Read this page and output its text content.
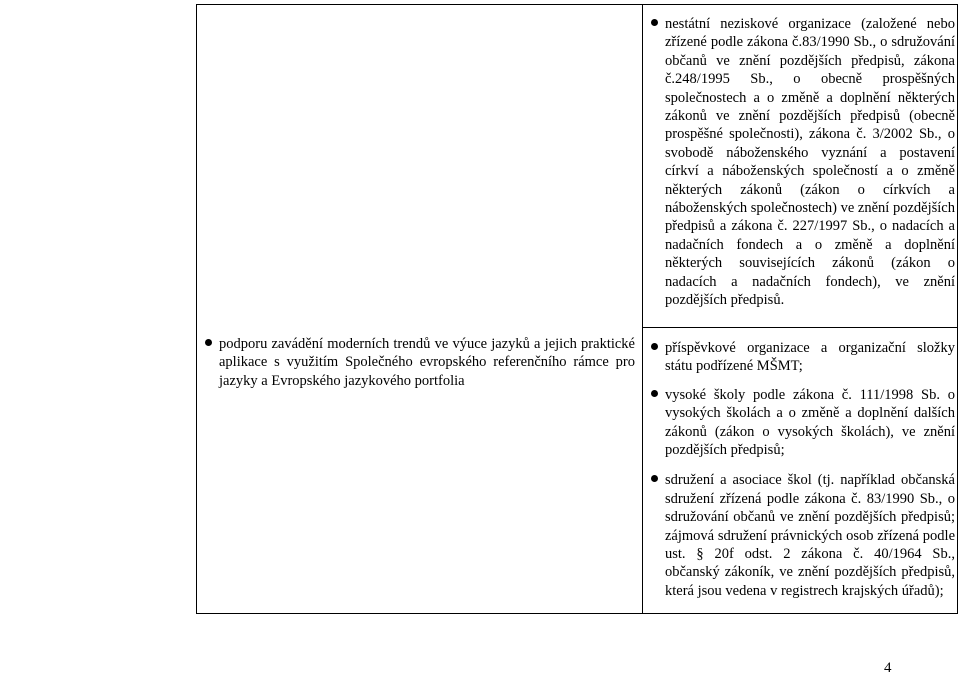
podporu zavádění moderních trendů ve výuce jazyků a jejich praktické aplikace s využitím Společného evropského referenčního rámce pro jazyky a Evropského jazykového portfolia

nestátní neziskové organizace (založené nebo zřízené podle zákona č.83/1990 Sb., o sdružování občanů ve znění pozdějších předpisů, zákona č.248/1995 Sb., o obecně prospěšných společnostech a o změně a doplnění některých zákonů ve znění pozdějších předpisů (obecně prospěšné společnosti), zákona č. 3/2002 Sb., o svobodě náboženského vyznání a postavení církví a náboženských společností a o změně některých zákonů (zákon o církvích a náboženských společnostech) ve znění pozdějších předpisů a zákona č. 227/1997 Sb., o nadacích a nadačních fondech a o změně a doplnění některých souvisejících zákonů (zákon o nadacích a nadačních fondech), ve znění pozdějších předpisů.

příspěvkové organizace a organizační složky státu podřízené MŠMT;

vysoké školy podle zákona č. 111/1998 Sb. o vysokých školách a o změně a doplnění dalších zákonů (zákon o vysokých školách), ve znění pozdějších předpisů;

sdružení a asociace škol (tj. například občanská sdružení zřízená podle zákona č. 83/1990 Sb., o sdružování občanů ve znění pozdějších předpisů; zájmová sdružení právnických osob zřízená podle ust. § 20f odst. 2 zákona č. 40/1964 Sb., občanský zákoník, ve znění pozdějších předpisů, která jsou vedena v registrech krajských úřadů);

4
